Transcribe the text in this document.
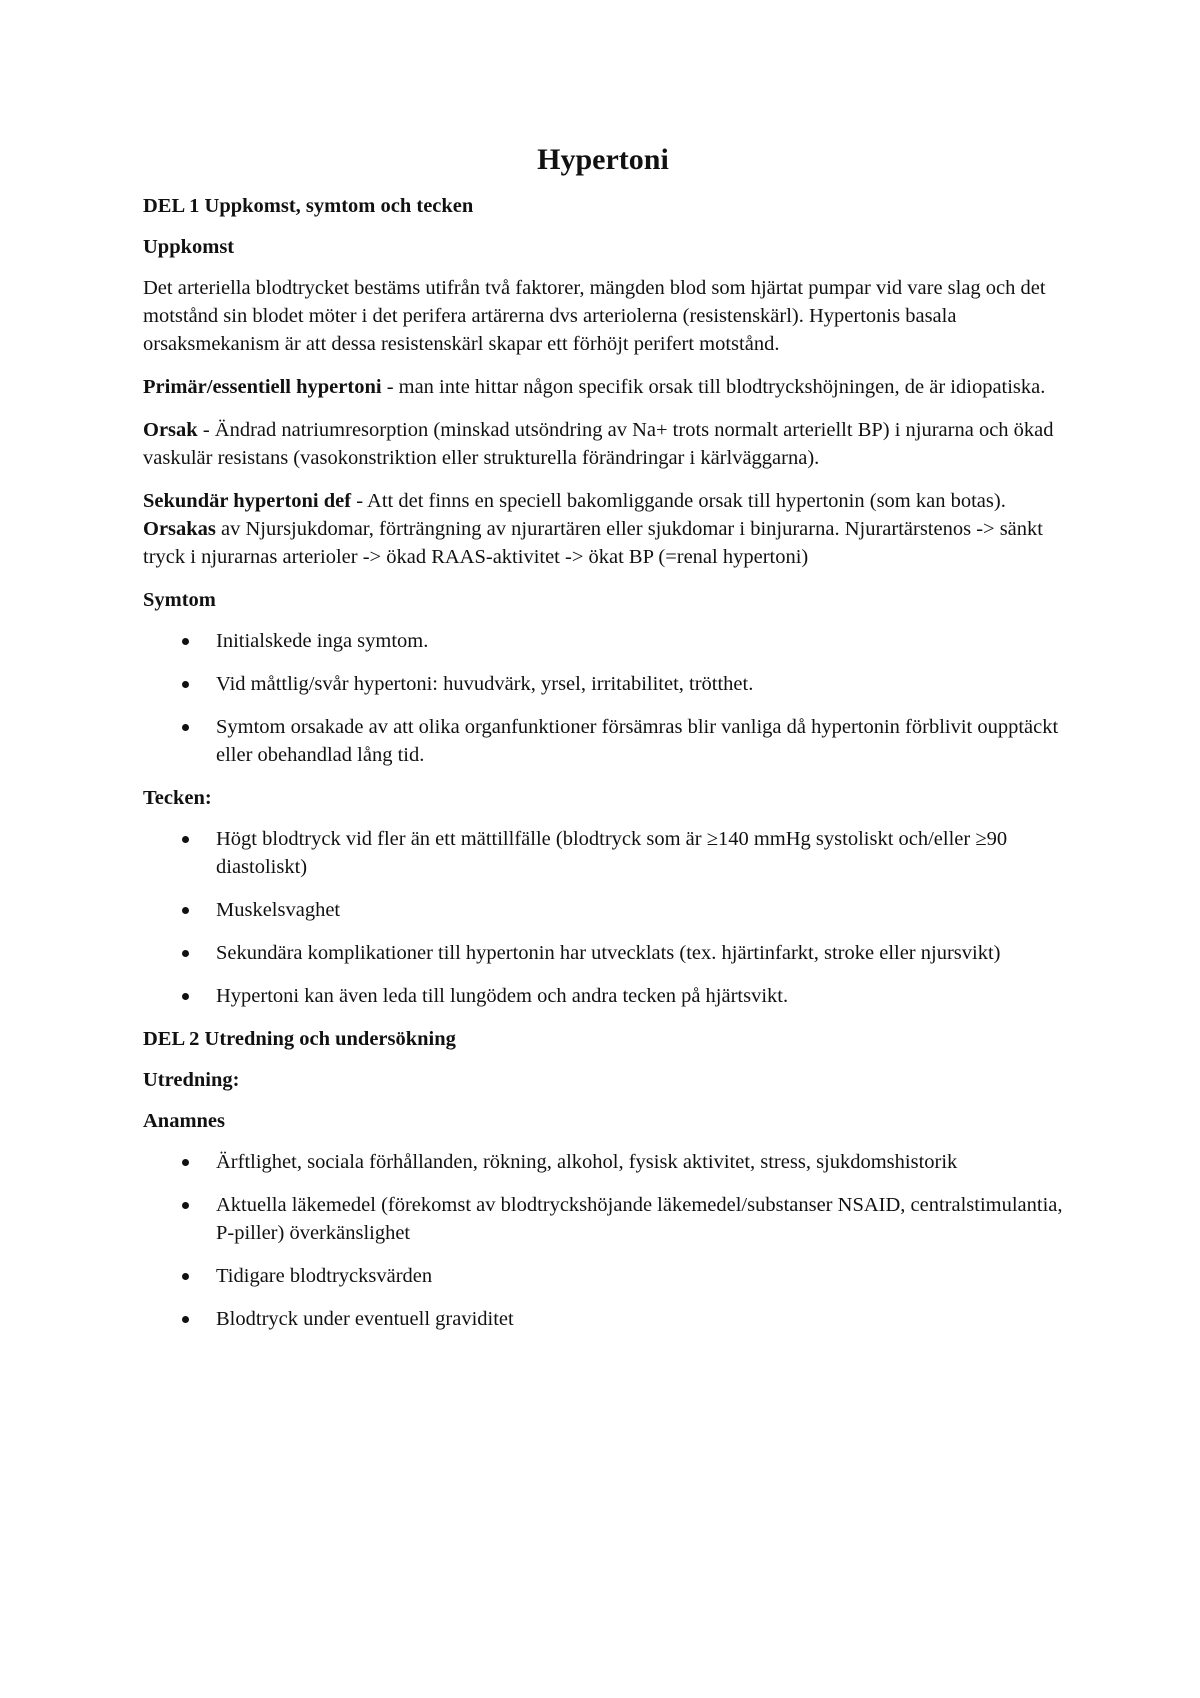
Hypertoni
DEL 1 Uppkomst, symtom och tecken
Uppkomst

Det arteriella blodtrycket bestäms utifrån två faktorer, mängden blod som hjärtat pumpar vid vare slag och det motstånd sin blodet möter i det perifera artärerna dvs arteriolerna (resistenskärl). Hypertonis basala orsaksmekanism är att dessa resistenskärl skapar ett förhöjt perifert motstånd.

Primär/essentiell hypertoni - man inte hittar någon specifik orsak till blodtryckshöjningen, de är idiopatiska.

Orsak - Ändrad natriumresorption (minskad utsöndring av Na+ trots normalt arteriellt BP) i njurarna och ökad vaskulär resistans (vasokonstriktion eller strukturella förändringar i kärlväggarna).

Sekundär hypertoni def - Att det finns en speciell bakomliggande orsak till hypertonin (som kan botas). Orsakas av Njursjukdomar, förträngning av njurartären eller sjukdomar i binjurarna. Njurartärstenos -> sänkt tryck i njurarnas arterioler -> ökad RAAS-aktivitet -> ökat BP (=renal hypertoni)

Symtom
Initialskede inga symtom.
Vid måttlig/svår hypertoni: huvudvärk, yrsel, irritabilitet, trötthet.
Symtom orsakade av att olika organfunktioner försämras blir vanliga då hypertonin förblivit oupptäckt eller obehandlad lång tid.
Tecken:
Högt blodtryck vid fler än ett mättillfälle (blodtryck som är ≥140 mmHg systoliskt och/eller ≥90 diastoliskt)
Muskelsvaghet
Sekundära komplikationer till hypertonin har utvecklats (tex. hjärtinfarkt, stroke eller njursvikt)
Hypertoni kan även leda till lungödem och andra tecken på hjärtsvikt.
DEL 2 Utredning och undersökning
Utredning:
Anamnes
Ärftlighet, sociala förhållanden, rökning, alkohol, fysisk aktivitet, stress, sjukdomshistorik
Aktuella läkemedel (förekomst av blodtryckshöjande läkemedel/substanser NSAID, centralstimulantia, P-piller) överkänslighet
Tidigare blodtrycksvärden
Blodtryck under eventuell graviditet
